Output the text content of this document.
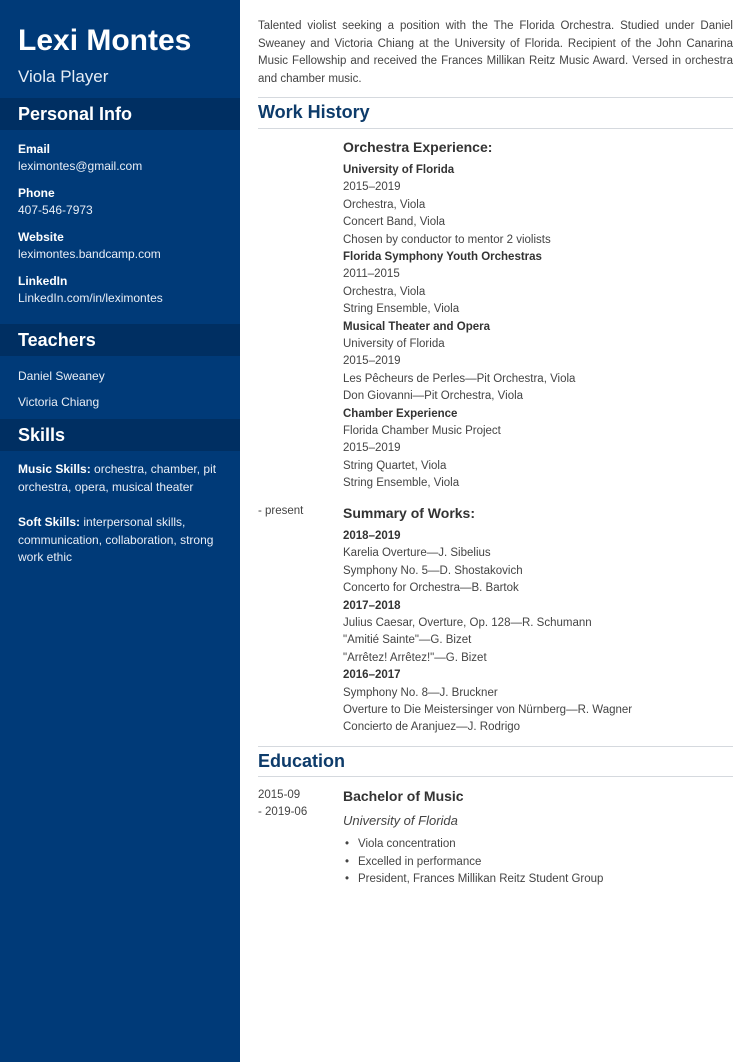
Lexi Montes
Viola Player
Personal Info
Email
leximontes@gmail.com
Phone
407-546-7973
Website
leximontes.bandcamp.com
LinkedIn
LinkedIn.com/in/leximontes
Teachers
Daniel Sweaney
Victoria Chiang
Skills
Music Skills: orchestra, chamber, pit orchestra, opera, musical theater
Soft Skills: interpersonal skills, communication, collaboration, strong work ethic
Talented violist seeking a position with the The Florida Orchestra. Studied under Daniel Sweaney and Victoria Chiang at the University of Florida. Recipient of the John Canarina Music Fellowship and received the Frances Millikan Reitz Music Award. Versed in orchestra and chamber music.
Work History
Orchestra Experience:
University of Florida
2015–2019
Orchestra, Viola
Concert Band, Viola
Chosen by conductor to mentor 2 violists
Florida Symphony Youth Orchestras
2011–2015
Orchestra, Viola
String Ensemble, Viola
Musical Theater and Opera
University of Florida
2015–2019
Les Pêcheurs de Perles—Pit Orchestra, Viola
Don Giovanni—Pit Orchestra, Viola
Chamber Experience
Florida Chamber Music Project
2015–2019
String Quartet, Viola
String Ensemble, Viola
- present	Summary of Works:
2018–2019
Karelia Overture—J. Sibelius
Symphony No. 5—D. Shostakovich
Concerto for Orchestra—B. Bartok
2017–2018
Julius Caesar, Overture, Op. 128—R. Schumann
"Amitié Sainte"—G. Bizet
"Arrêtez! Arrêtez!"—G. Bizet
2016–2017
Symphony No. 8—J. Bruckner
Overture to Die Meistersinger von Nürnberg—R. Wagner
Concierto de Aranjuez—J. Rodrigo
Education
2015-09
- 2019-06
Bachelor of Music
University of Florida
• Viola concentration
• Excelled in performance
• President, Frances Millikan Reitz Student Group
